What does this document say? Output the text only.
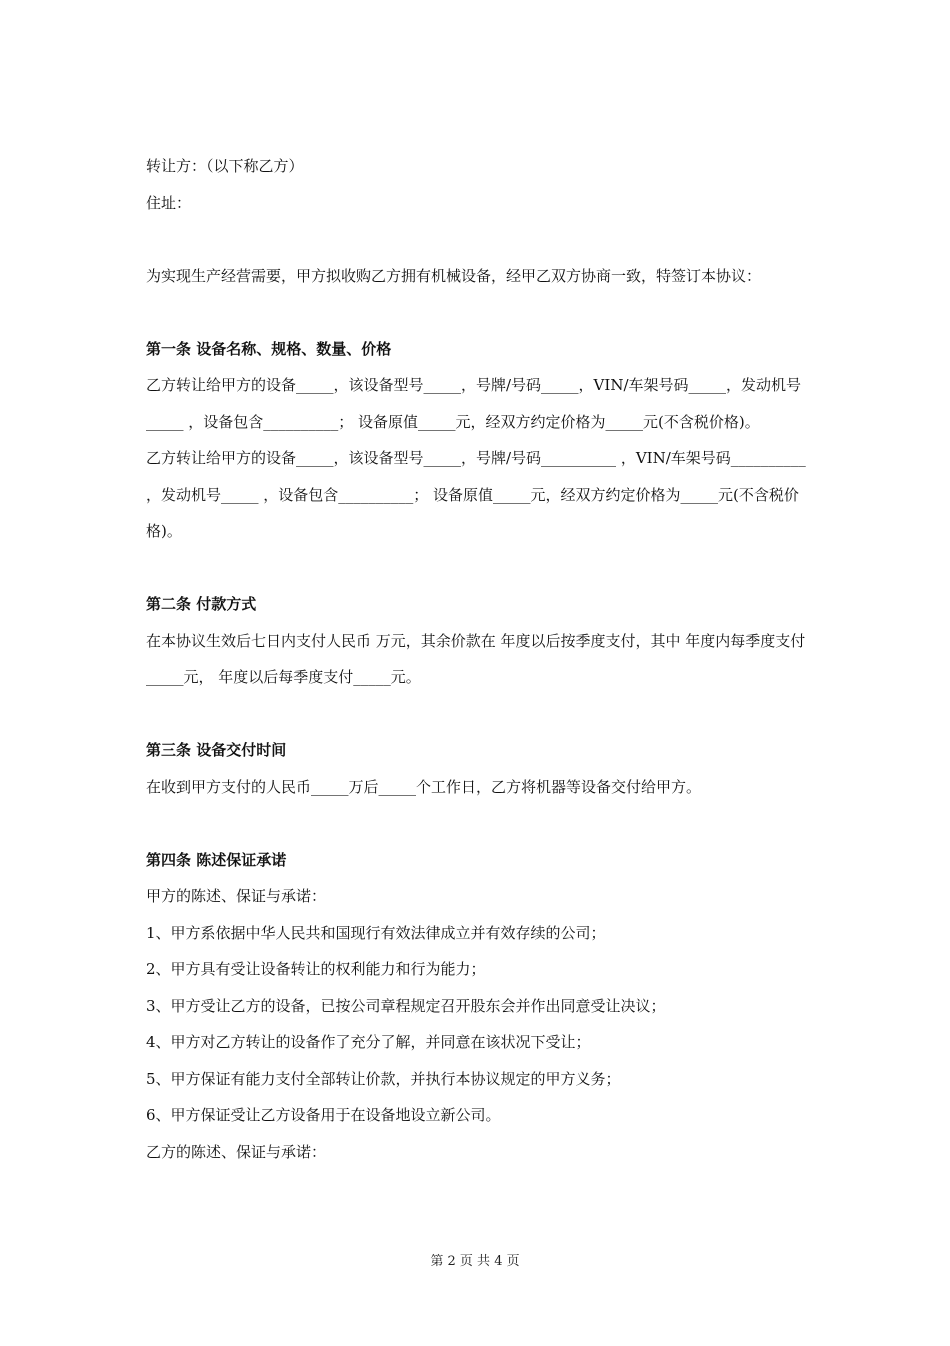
转让方：（以下称乙方）

住址：

为实现生产经营需要，甲方拟收购乙方拥有机械设备，经甲乙双方协商一致，特签订本协议：

第一条 设备名称、规格、数量、价格

乙方转让给甲方的设备_____，该设备型号_____，号牌/号码_____，VIN/车架号码_____，发动机号_____ ，设备包含__________； 设备原值_____元，经双方约定价格为_____元(不含税价格)。

乙方转让给甲方的设备_____，该设备型号_____，号牌/号码__________ ，VIN/车架号码__________ ，发动机号_____ ，设备包含__________； 设备原值_____元，经双方约定价格为_____元(不含税价格)。

第二条 付款方式

在本协议生效后七日内支付人民币 万元，其余价款在 年度以后按季度支付，其中 年度内每季度支付_____元， 年度以后每季度支付_____元。

第三条 设备交付时间

在收到甲方支付的人民币_____万后_____个工作日，乙方将机器等设备交付给甲方。

第四条 陈述保证承诺

甲方的陈述、保证与承诺：

1、甲方系依据中华人民共和国现行有效法律成立并有效存续的公司；

2、甲方具有受让设备转让的权利能力和行为能力；

3、甲方受让乙方的设备，已按公司章程规定召开股东会并作出同意受让决议；

4、甲方对乙方转让的设备作了充分了解，并同意在该状况下受让；

5、甲方保证有能力支付全部转让价款，并执行本协议规定的甲方义务；

6、甲方保证受让乙方设备用于在设备地设立新公司。

乙方的陈述、保证与承诺：

第 2 页 共 4 页
